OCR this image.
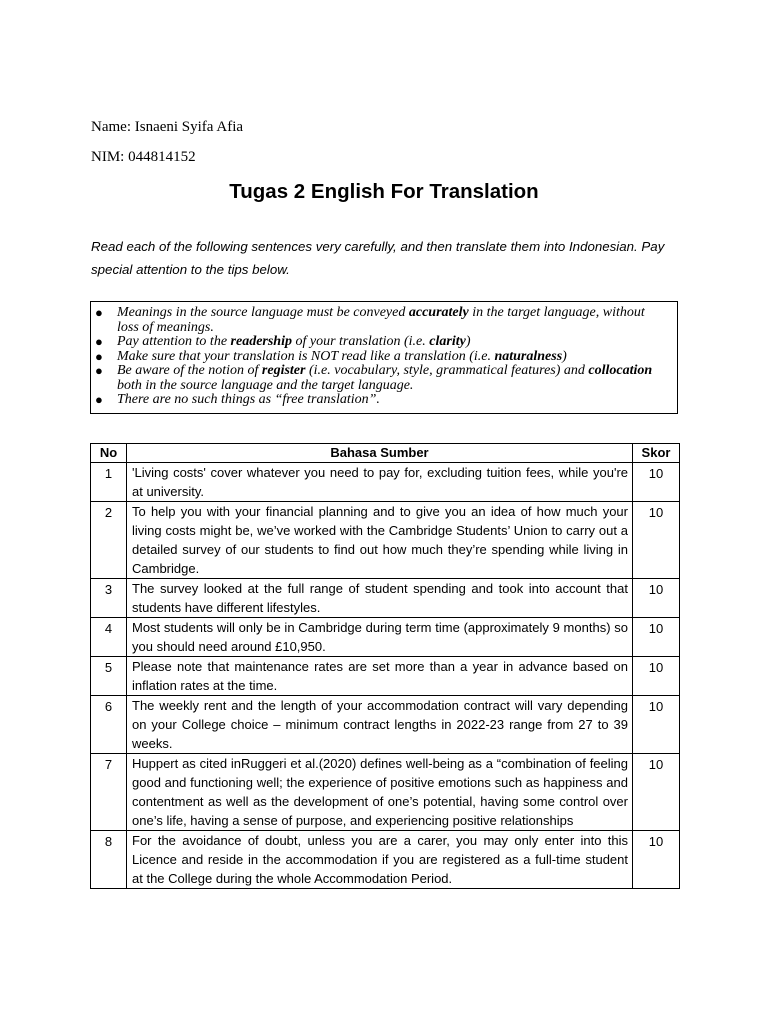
Name: Isnaeni Syifa Afia
NIM: 044814152
Tugas 2 English For Translation
Read each of the following sentences very carefully, and then translate them into Indonesian. Pay special attention to the tips below.
● Meanings in the source language must be conveyed accurately in the target language, without loss of meanings.
● Pay attention to the readership of your translation (i.e. clarity)
● Make sure that your translation is NOT read like a translation (i.e. naturalness)
● Be aware of the notion of register (i.e. vocabulary, style, grammatical features) and collocation both in the source language and the target language.
● There are no such things as “free translation”.
No	Bahasa Sumber	Skor
1	'Living costs' cover whatever you need to pay for, excluding tuition fees, while you're at university.	10
2	To help you with your financial planning and to give you an idea of how much your living costs might be, we’ve worked with the Cambridge Students’ Union to carry out a detailed survey of our students to find out how much they’re spending while living in Cambridge.	10
3	The survey looked at the full range of student spending and took into account that students have different lifestyles.	10
4	Most students will only be in Cambridge during term time (approximately 9 months) so you should need around £10,950.	10
5	Please note that maintenance rates are set more than a year in advance based on inflation rates at the time.	10
6	The weekly rent and the length of your accommodation contract will vary depending on your College choice – minimum contract lengths in 2022-23 range from 27 to 39 weeks.	10
7	Huppert as cited inRuggeri et al.(2020) defines well-being as a “combination of feeling good and functioning well; the experience of positive emotions such as happiness and contentment as well as the development of one’s potential, having some control over one’s life, having a sense of purpose, and experiencing positive relationships	10
8	For the avoidance of doubt, unless you are a carer, you may only enter into this Licence and reside in the accommodation if you are registered as a full-time student at the College during the whole Accommodation Period.	10
